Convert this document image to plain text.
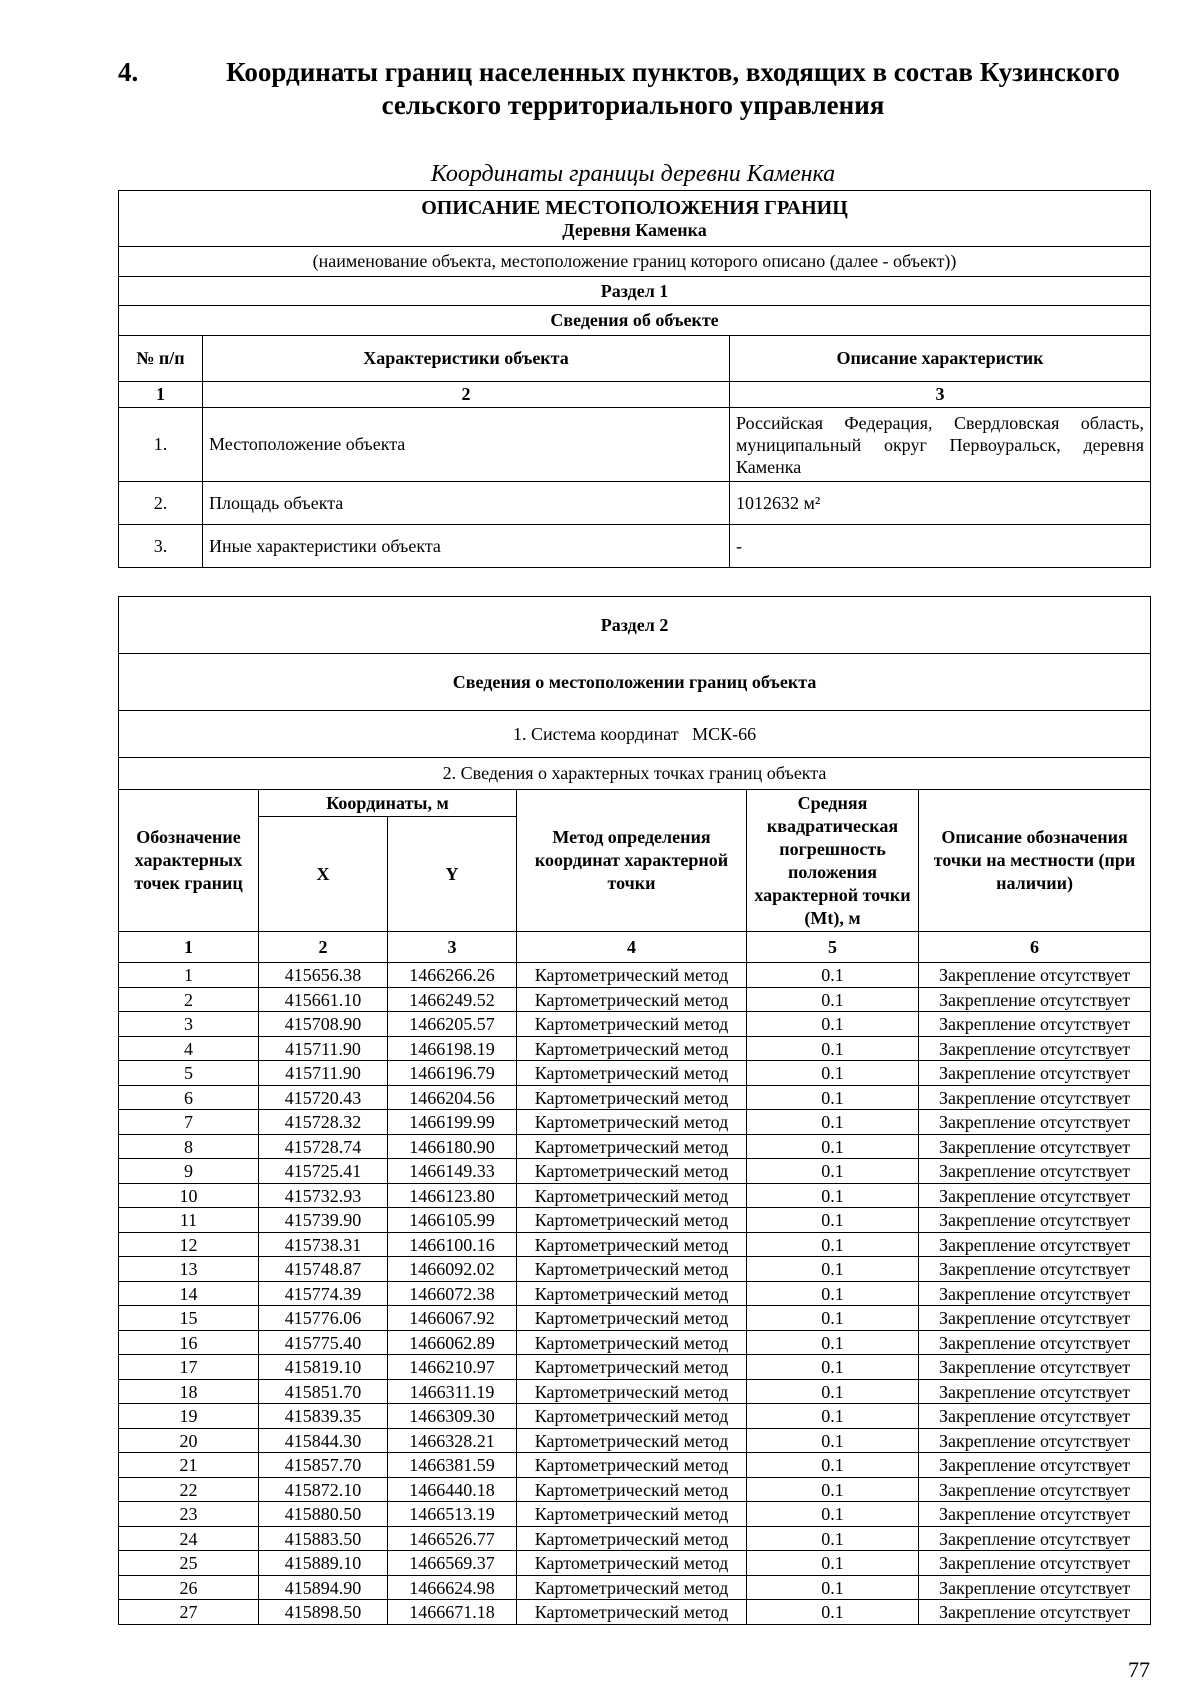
4.	Координаты границ населенных пунктов, входящих в состав Кузинского
сельского территориального управления
Координаты границы деревни Каменка
ОПИСАНИЕ МЕСТОПОЛОЖЕНИЯ ГРАНИЦ
Деревня Каменка		

(наименование объекта, местоположение границ которого описано (далее - объект))		
Раздел 1		
Сведения об объекте		
№ п/п	Характеристики объекта	Описание характеристик
1	2	3
1.	Местоположение объекта	Российская Федерация, Свердловская область, муниципальный округ Первоуральск, деревня Каменка
2.	Площадь объекта	1012632 м²
3.	Иные характеристики объекта	-
Раздел 2					
Сведения о местоположении границ объекта					
1. Система координат   МСК-66					
2. Сведения о характерных точках границ объекта					
Обозначение характерных точек границ	Координаты, м		Метод определения координат характерной точки	Средняя квадратическая погрешность положения характерной точки (Mt), м	Описание обозначения точки на местности (при наличии)
	X	Y			
1	2	3	4	5	6
1	415656.38	1466266.26	Картометрический метод	0.1	Закрепление отсутствует
2	415661.10	1466249.52	Картометрический метод	0.1	Закрепление отсутствует
3	415708.90	1466205.57	Картометрический метод	0.1	Закрепление отсутствует
4	415711.90	1466198.19	Картометрический метод	0.1	Закрепление отсутствует
5	415711.90	1466196.79	Картометрический метод	0.1	Закрепление отсутствует
6	415720.43	1466204.56	Картометрический метод	0.1	Закрепление отсутствует
7	415728.32	1466199.99	Картометрический метод	0.1	Закрепление отсутствует
8	415728.74	1466180.90	Картометрический метод	0.1	Закрепление отсутствует
9	415725.41	1466149.33	Картометрический метод	0.1	Закрепление отсутствует
10	415732.93	1466123.80	Картометрический метод	0.1	Закрепление отсутствует
11	415739.90	1466105.99	Картометрический метод	0.1	Закрепление отсутствует
12	415738.31	1466100.16	Картометрический метод	0.1	Закрепление отсутствует
13	415748.87	1466092.02	Картометрический метод	0.1	Закрепление отсутствует
14	415774.39	1466072.38	Картометрический метод	0.1	Закрепление отсутствует
15	415776.06	1466067.92	Картометрический метод	0.1	Закрепление отсутствует
16	415775.40	1466062.89	Картометрический метод	0.1	Закрепление отсутствует
17	415819.10	1466210.97	Картометрический метод	0.1	Закрепление отсутствует
18	415851.70	1466311.19	Картометрический метод	0.1	Закрепление отсутствует
19	415839.35	1466309.30	Картометрический метод	0.1	Закрепление отсутствует
20	415844.30	1466328.21	Картометрический метод	0.1	Закрепление отсутствует
21	415857.70	1466381.59	Картометрический метод	0.1	Закрепление отсутствует
22	415872.10	1466440.18	Картометрический метод	0.1	Закрепление отсутствует
23	415880.50	1466513.19	Картометрический метод	0.1	Закрепление отсутствует
24	415883.50	1466526.77	Картометрический метод	0.1	Закрепление отсутствует
25	415889.10	1466569.37	Картометрический метод	0.1	Закрепление отсутствует
26	415894.90	1466624.98	Картометрический метод	0.1	Закрепление отсутствует
27	415898.50	1466671.18	Картометрический метод	0.1	Закрепление отсутствует
77
